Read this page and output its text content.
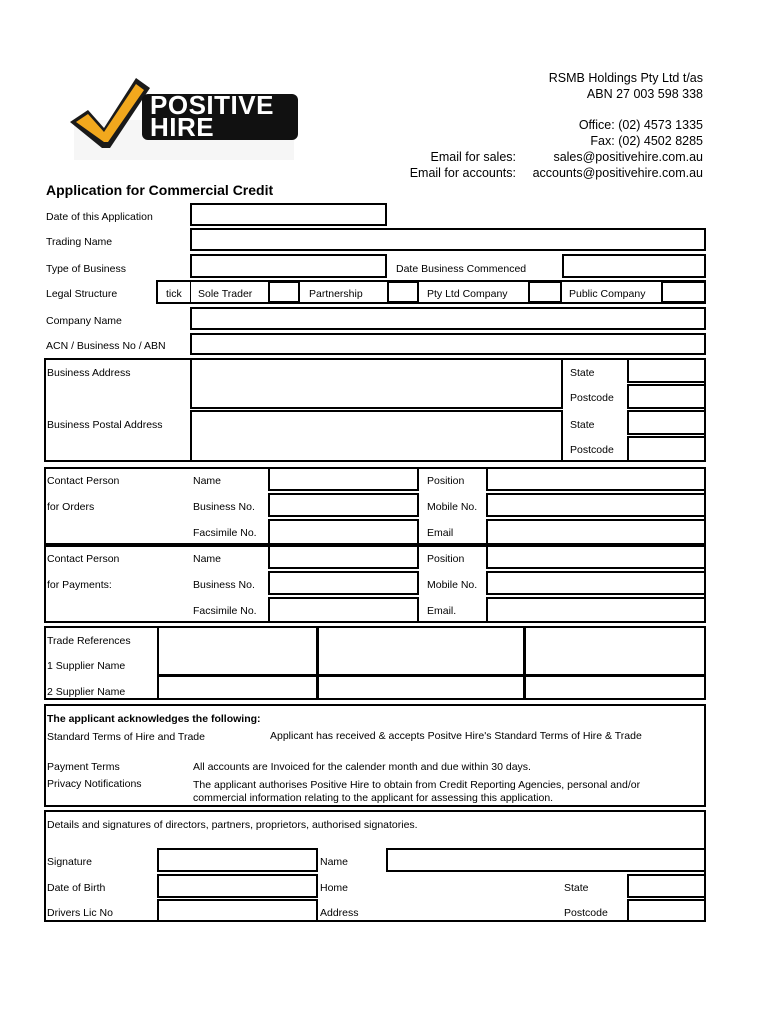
POSITIVE
HIRE
RSMB Holdings Pty Ltd t/as
ABN 27 003 598 338
Office: (02) 4573 1335
Fax: (02) 4502 8285
Email for sales:	sales@positivehire.com.au
Email for accounts: accounts@positivehire.com.au
Application for Commercial Credit
Date of this Application
Trading Name
Type of Business	Date Business Commenced
Legal Structure	tick Sole Trader	Partnership	Pty Ltd Company	Public Company
Company Name
ACN / Business No / ABN
Business Address	State
Postcode
Business Postal Address	State
Postcode
Contact Person
for Orders
Name	Position
Business No.	Mobile No.
Facsimile No.	Email
Contact Person
for Payments:
Name	Position
Business No.	Mobile No.
Facsimile No.	Email.
Trade References
1 Supplier Name
2 Supplier Name
The applicant acknowledges the following:
Standard Terms of Hire and Trade	Applicant has received & accepts Positve Hire's Standard Terms of Hire & Trade
Payment Terms	All accounts are Invoiced for the calender month and due within 30 days.
Privacy Notifications	The applicant authorises Positive Hire to obtain from Credit Reporting Agencies, personal and/or
commercial information relating to the applicant for assessing this application.
Details and signatures of directors, partners, proprietors, authorised signatories.
Signature	Name
Date of Birth	Home	State
Drivers Lic No	Address	Postcode
